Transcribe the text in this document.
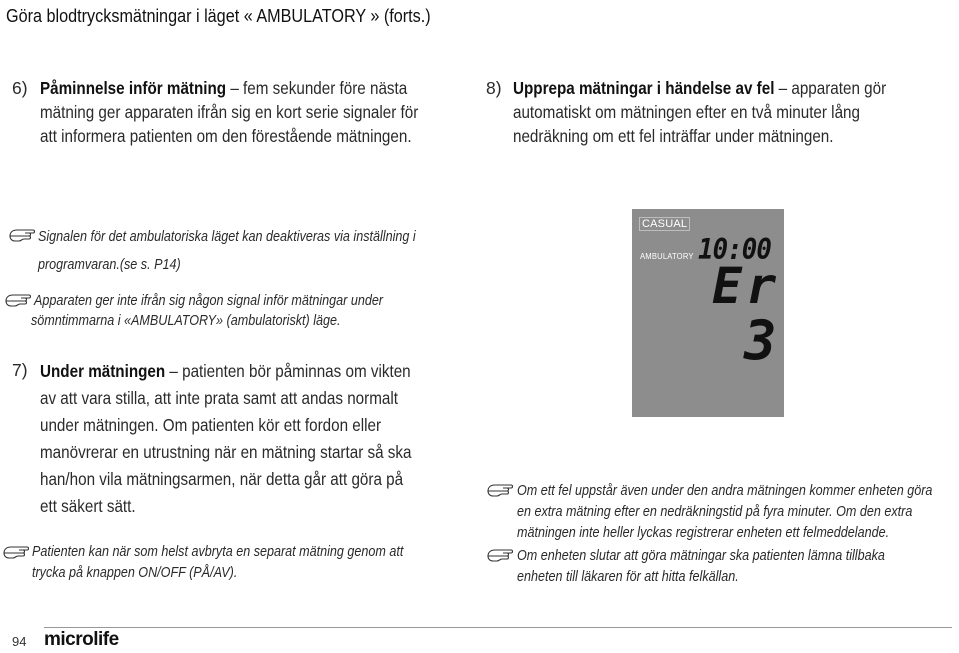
Göra blodtrycksmätningar i läget « AMBULATORY » (forts.)
6) Påminnelse inför mätning – fem sekunder före nästa
mätning ger apparaten ifrån sig en kort serie signaler för
att informera patienten om den förestående mätningen.
8) Upprepa mätningar i händelse av fel – apparaten gör
automatiskt om mätningen efter en två minuter lång
nedräkning om ett fel inträffar under mätningen.
Signalen för det ambulatoriska läget kan deaktiveras via inställning i
programvaran.(se s. P14)
Apparaten ger inte ifrån sig någon signal inför mätningar under
sömntimmarna i «AMBULATORY» (ambulatoriskt) läge.
7) Under mätningen – patienten bör påminnas om vikten
av att vara stilla, att inte prata samt att andas normalt
under mätningen. Om patienten kör ett fordon eller
manövrerar en utrustning när en mätning startar så ska
han/hon vila mätningsarmen, när detta går att göra på
ett säkert sätt.
Patienten kan när som helst avbryta en separat mätning genom att
trycka på knappen ON/OFF (PÅ/AV).
CASUAL
AMBULATORY 10:00
Er
3
Om ett fel uppstår även under den andra mätningen kommer enheten göra
en extra mätning efter en nedräkningstid på fyra minuter. Om den extra
mätningen inte heller lyckas registrerar enheten ett felmeddelande.
Om enheten slutar att göra mätningar ska patienten lämna tillbaka
enheten till läkaren för att hitta felkällan.
94 microlife
